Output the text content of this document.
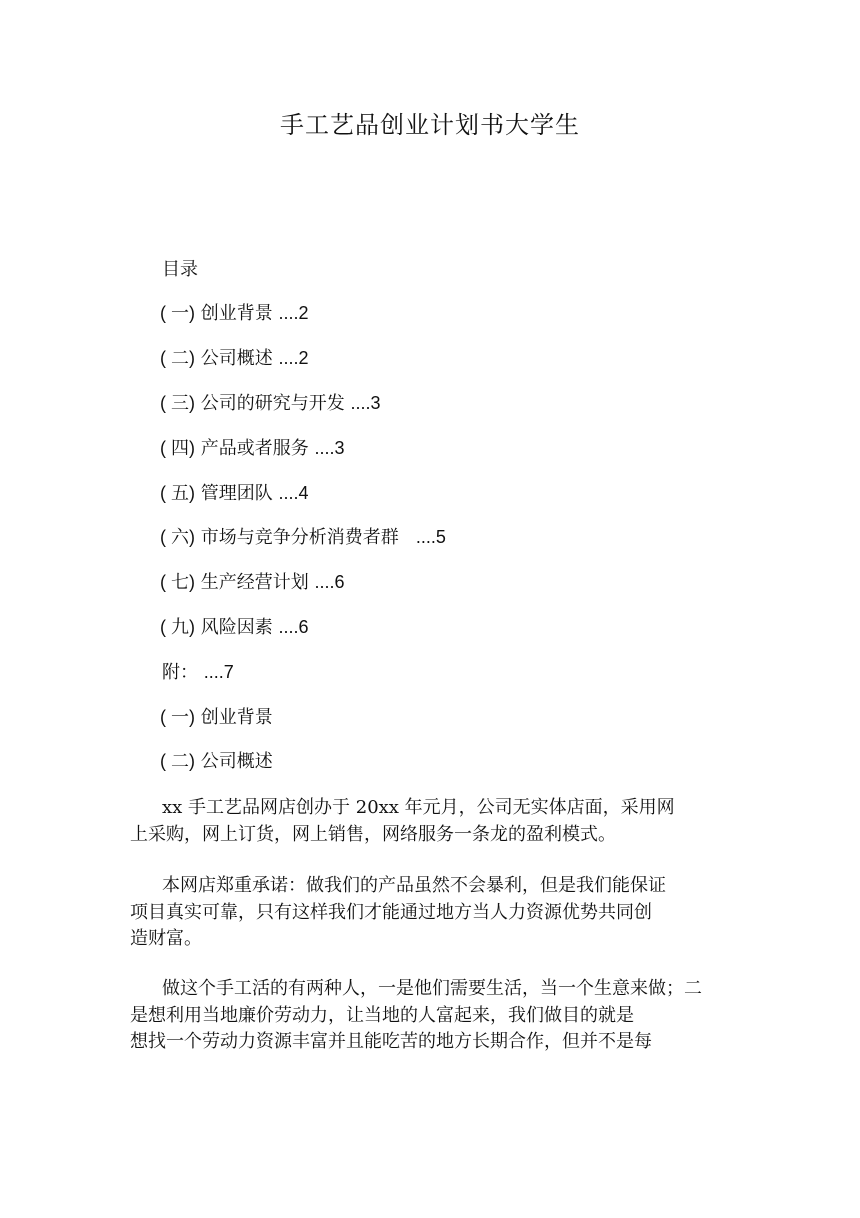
手工艺品创业计划书大学生
目录
( 一) 创业背景 ....2
( 二) 公司概述 ....2
( 三) 公司的研究与开发 ....3
( 四) 产品或者服务 ....3
( 五) 管理团队 ....4
( 六) 市场与竞争分析消费者群 ....5
( 七) 生产经营计划 ....6
( 九) 风险因素 ....6
附： ....7
( 一) 创业背景
( 二) 公司概述
xx 手工艺品网店创办于 20xx 年元月，公司无实体店面，采用网
上采购，网上订货，网上销售，网络服务一条龙的盈利模式。
本网店郑重承诺：做我们的产品虽然不会暴利，但是我们能保证
项目真实可靠，只有这样我们才能通过地方当人力资源优势共同创
造财富。
做这个手工活的有两种人，一是他们需要生活，当一个生意来做；二
是想利用当地廉价劳动力，让当地的人富起来，我们做目的就是
想找一个劳动力资源丰富并且能吃苦的地方长期合作，但并不是每
